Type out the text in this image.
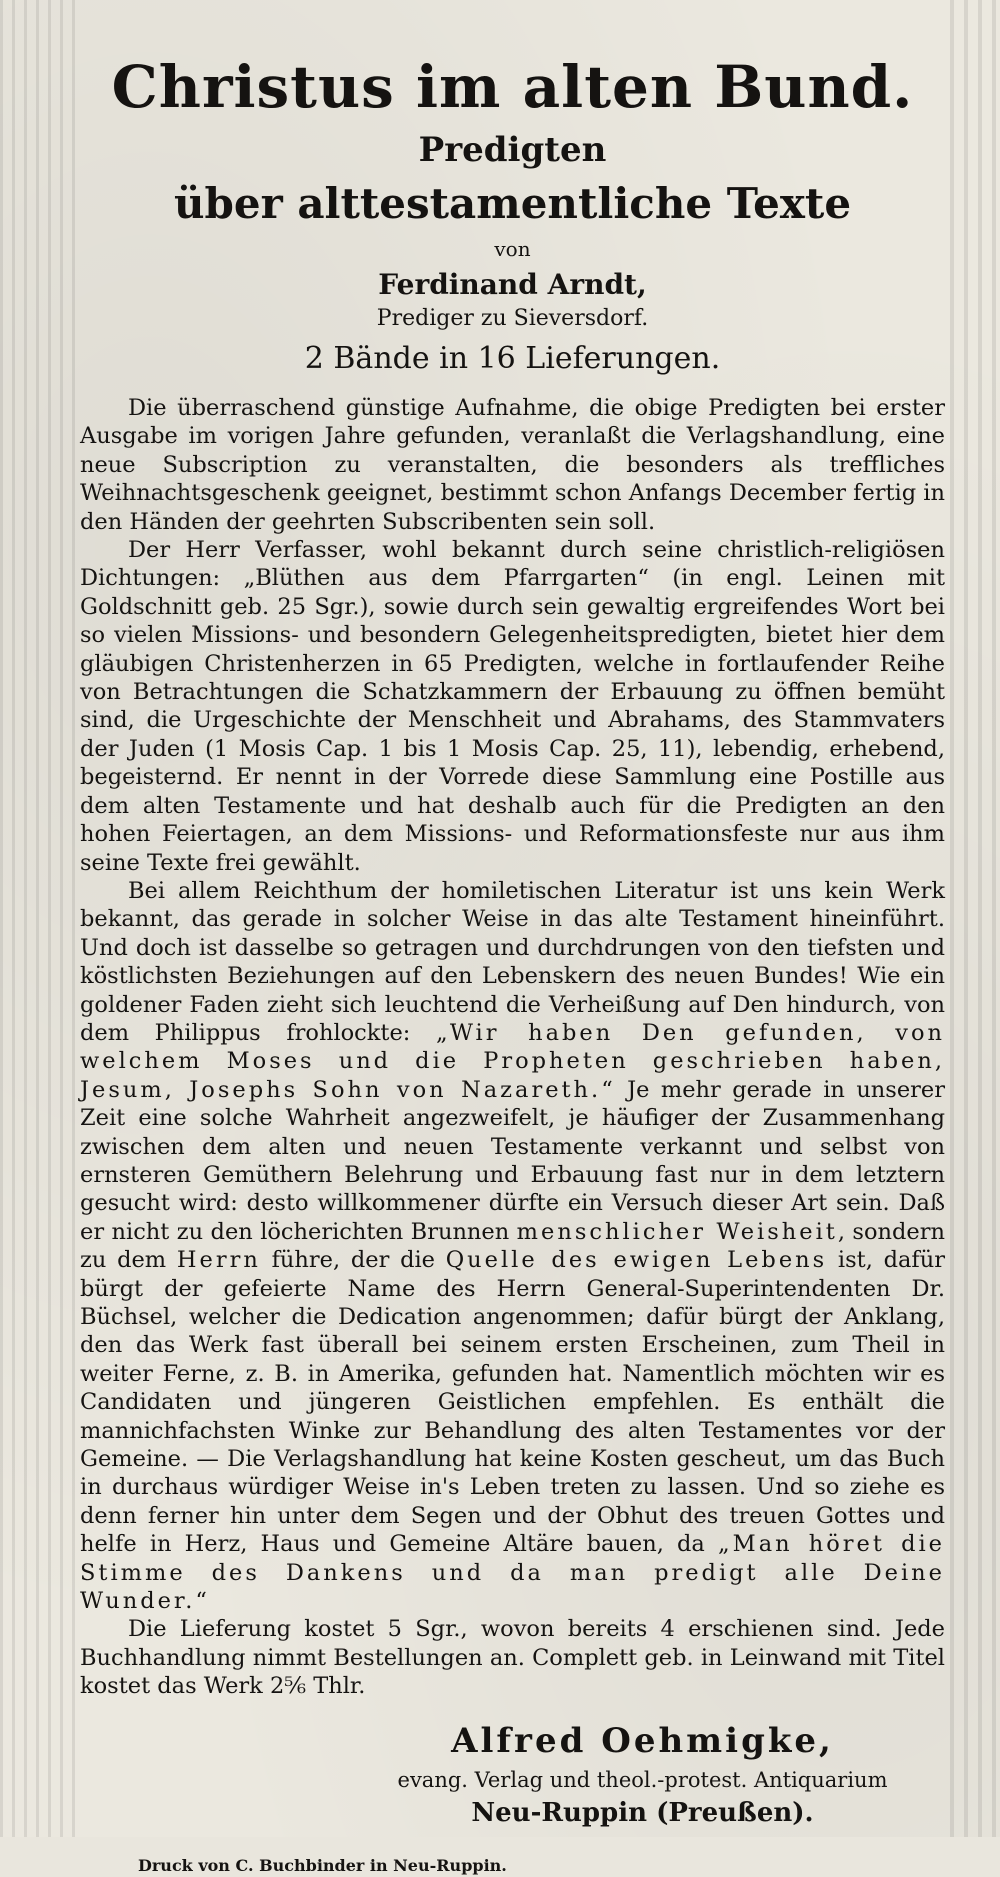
Christus im alten Bund.

Predigten

über alttestamentliche Texte

von

Ferdinand Arndt,

Prediger zu Sieversdorf.

2 Bände in 16 Lieferungen.

Die überraschend günstige Aufnahme, die obige Predigten bei erster Ausgabe im vorigen Jahre gefunden, veranlaßt die Verlagshandlung, eine neue Subscription zu veranstalten, die besonders als treffliches Weihnachtsgeschenk geeignet, bestimmt schon Anfangs December fertig in den Händen der geehrten Subscribenten sein soll.

Der Herr Verfasser, wohl bekannt durch seine christlich-religiösen Dichtungen: „Blüthen aus dem Pfarrgarten“ (in engl. Leinen mit Goldschnitt geb. 25 Sgr.), sowie durch sein gewaltig ergreifendes Wort bei so vielen Missions- und besondern Gelegenheitspredigten, bietet hier dem gläubigen Christenherzen in 65 Predigten, welche in fortlaufender Reihe von Betrachtungen die Schatzkammern der Erbauung zu öffnen bemüht sind, die Urgeschichte der Menschheit und Abrahams, des Stammvaters der Juden (1 Mosis Cap. 1 bis 1 Mosis Cap. 25, 11), lebendig, erhebend, begeisternd. Er nennt in der Vorrede diese Sammlung eine Postille aus dem alten Testamente und hat deshalb auch für die Predigten an den hohen Feiertagen, an dem Missions- und Reformationsfeste nur aus ihm seine Texte frei gewählt.

Bei allem Reichthum der homiletischen Literatur ist uns kein Werk bekannt, das gerade in solcher Weise in das alte Testament hineinführt. Und doch ist dasselbe so getragen und durchdrungen von den tiefsten und köstlichsten Beziehungen auf den Lebenskern des neuen Bundes! Wie ein goldener Faden zieht sich leuchtend die Verheißung auf Den hindurch, von dem Philippus frohlockte: „Wir haben Den gefunden, von welchem Moses und die Propheten geschrieben haben, Jesum, Josephs Sohn von Nazareth.“ Je mehr gerade in unserer Zeit eine solche Wahrheit angezweifelt, je häufiger der Zusammenhang zwischen dem alten und neuen Testamente verkannt und selbst von ernsteren Gemüthern Belehrung und Erbauung fast nur in dem letztern gesucht wird: desto willkommener dürfte ein Versuch dieser Art sein. Daß er nicht zu den löcherichten Brunnen menschlicher Weisheit, sondern zu dem Herrn führe, der die Quelle des ewigen Lebens ist, dafür bürgt der gefeierte Name des Herrn General-Superintendenten Dr. Büchsel, welcher die Dedication angenommen; dafür bürgt der Anklang, den das Werk fast überall bei seinem ersten Erscheinen, zum Theil in weiter Ferne, z. B. in Amerika, gefunden hat. Namentlich möchten wir es Candidaten und jüngeren Geistlichen empfehlen. Es enthält die mannichfachsten Winke zur Behandlung des alten Testamentes vor der Gemeine. — Die Verlagshandlung hat keine Kosten gescheut, um das Buch in durchaus würdiger Weise in's Leben treten zu lassen. Und so ziehe es denn ferner hin unter dem Segen und der Obhut des treuen Gottes und helfe in Herz, Haus und Gemeine Altäre bauen, da „Man höret die Stimme des Dankens und da man predigt alle Deine Wunder.“

Die Lieferung kostet 5 Sgr., wovon bereits 4 erschienen sind. Jede Buchhandlung nimmt Bestellungen an. Complett geb. in Leinwand mit Titel kostet das Werk 2⅚ Thlr.

Alfred Oehmigke,

evang. Verlag und theol.-protest. Antiquarium

Neu-Ruppin (Preußen).

Druck von C. Buchbinder in Neu-Ruppin.
